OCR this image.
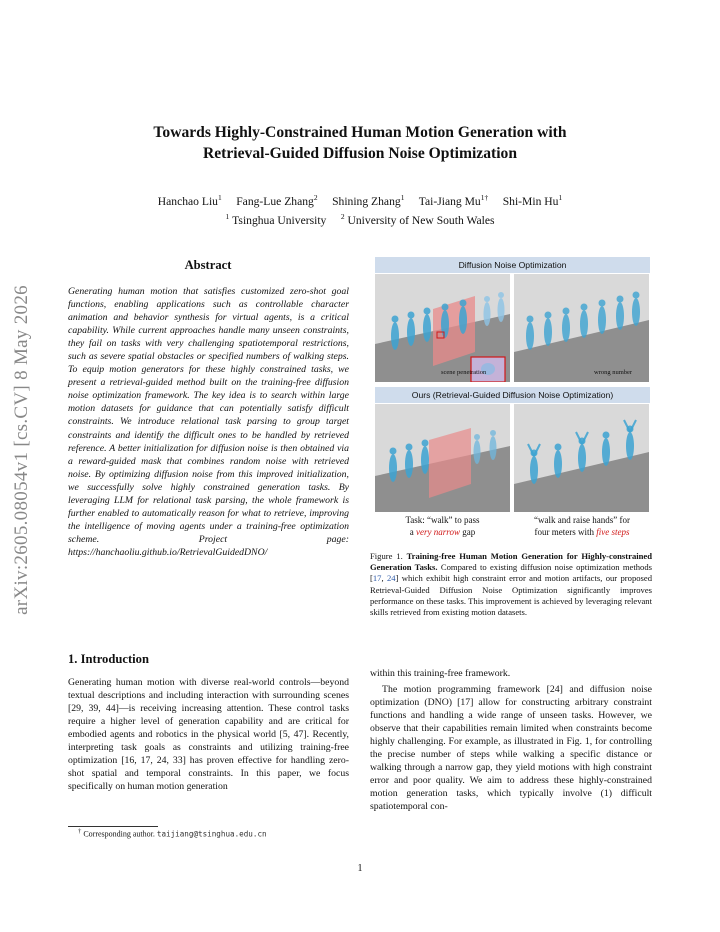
Towards Highly-Constrained Human Motion Generation with
Retrieval-Guided Diffusion Noise Optimization
Hanchao Liu$^1$ Fang-Lue Zhang$^2$ Shining Zhang$^1$ Tai-Jiang $Mu^{1\dagger}$ Shi-Min Hu$^1$
$^1$ Tsinghua University $^2$ University of New South Wales
arXiv:2605.08054v1 [cs.CV] 8 May 2026
Abstract
Generating human motion that satisfies customized zero-shot goal functions, enabling applications such as controllable character animation and behavior synthesis for virtual agents, is a critical capability. While current approaches handle many unseen constraints, they fail on tasks with very challenging spatiotemporal restrictions, such as severe spatial obstacles or specified numbers of walking steps. To equip motion generators for these highly constrained tasks, we present a retrieval-guided method built on the training-free diffusion noise optimization framework. The key idea is to search within large motion datasets for guidance that can potentially satisfy difficult constraints. We introduce relational task parsing to group target constraints and identify the difficult ones to be handled by retrieved reference. A better initialization for diffusion noise is then obtained via a reward-guided mask that combines random noise with retrieved noise. By optimizing diffusion noise from this improved initialization, we successfully solve highly constrained generation tasks. By leveraging LLM for relational task parsing, the whole framework is further enabled to automatically reason for what to retrieve, improving the intelligence of moving agents under a training-free optimization scheme. Project page: https://hanchaoliu.github.io/RetrievalGuidedDNO/
Diffusion Noise Optimization
scene penetration	wrong number
Ours (Retrieval-Guided Diffusion Noise Optimization)
Task: “walk” to pass
a very narrow gap
“walk and raise hands” for
four meters with five steps
Figure 1. Training-free Human Motion Generation for Highly-constrained Generation Tasks. Compared to existing diffusion noise optimization methods [17, 24] which exhibit high constraint error and motion artifacts, our proposed Retrieval-Guided Diffusion Noise Optimization significantly improves performance on these tasks. This improvement is achieved by leveraging relevant skills retrieved from existing motion datasets.
1. Introduction
Generating human motion with diverse real-world controls—beyond textual descriptions and including interaction with surrounding scenes [29, 39, 44]—is receiving increasing attention. These control tasks require a higher level of generation capability and are critical for embodied agents and robotics in the physical world [5, 47]. Recently, interpreting task goals as constraints and utilizing training-free optimization [16, 17, 24, 33] has proven effective for handling zero-shot spatial and temporal constraints. In this paper, we focus specifically on human motion generation
within this training-free framework.
The motion programming framework [24] and diffusion noise optimization (DNO) [17] allow for constructing arbitrary constraint functions and handling a wide range of unseen tasks. However, we observe that their capabilities remain limited when constraints become highly challenging. For example, as illustrated in Fig. 1, for controlling the precise number of steps while walking a specific distance or walking through a narrow gap, they yield motions with high constraint error and poor quality. We aim to address these highly-constrained motion generation tasks, which typically involve (1) difficult spatiotemporal con-
† Corresponding author. taijiang@tsinghua.edu.cn
1
